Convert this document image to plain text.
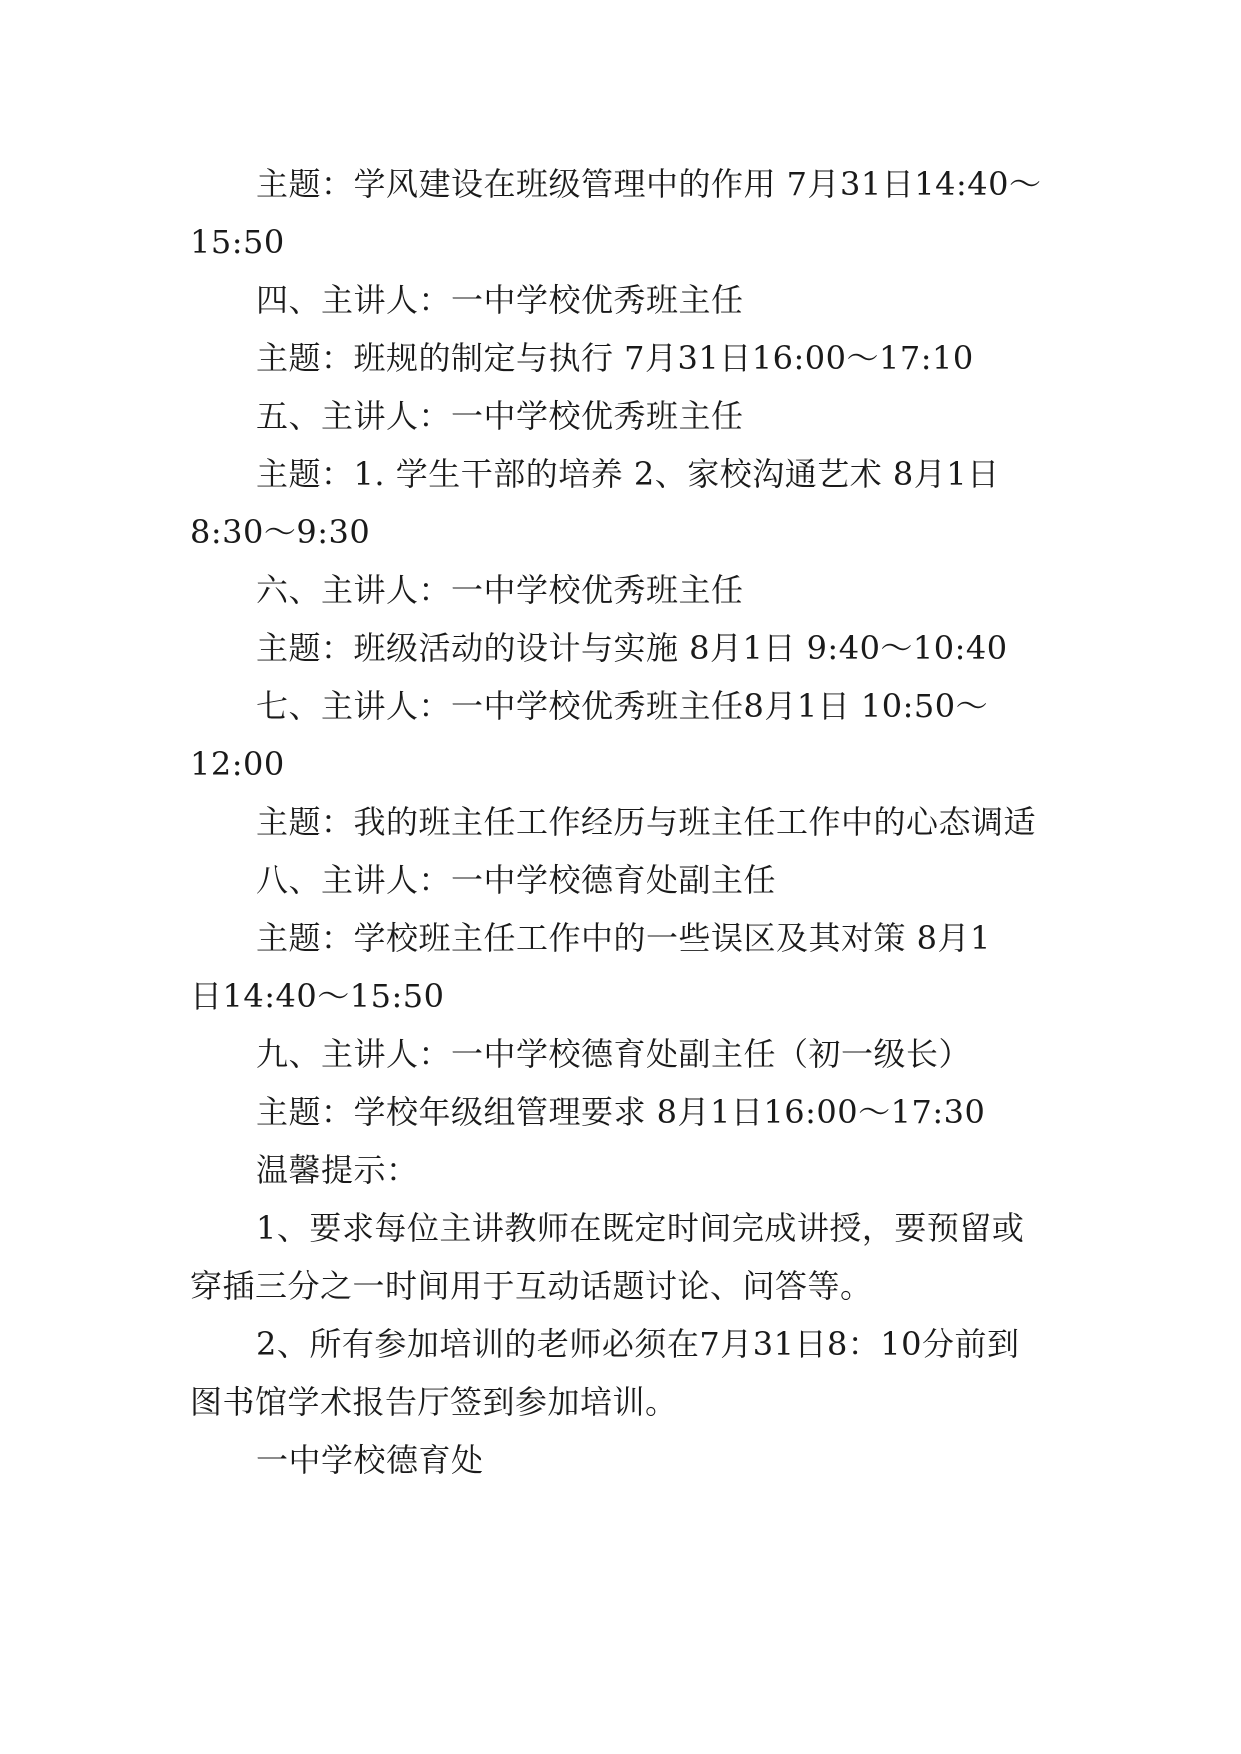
主题：学风建设在班级管理中的作用 7月31日14:40～
15:50
四、主讲人：一中学校优秀班主任
主题：班规的制定与执行 7月31日16:00～17:10
五、主讲人：一中学校优秀班主任
主题：1. 学生干部的培养 2、家校沟通艺术 8月1日
8:30～9:30
六、主讲人：一中学校优秀班主任
主题：班级活动的设计与实施 8月1日 9:40～10:40
七、主讲人：一中学校优秀班主任8月1日 10:50～
12:00
主题：我的班主任工作经历与班主任工作中的心态调适
八、主讲人：一中学校德育处副主任
主题：学校班主任工作中的一些误区及其对策 8月1
日14:40～15:50
九、主讲人：一中学校德育处副主任（初一级长）
主题：学校年级组管理要求 8月1日16:00～17:30
温馨提示：
1、要求每位主讲教师在既定时间完成讲授，要预留或
穿插三分之一时间用于互动话题讨论、问答等。
2、所有参加培训的老师必须在7月31日8：10分前到
图书馆学术报告厅签到参加培训。
一中学校德育处
